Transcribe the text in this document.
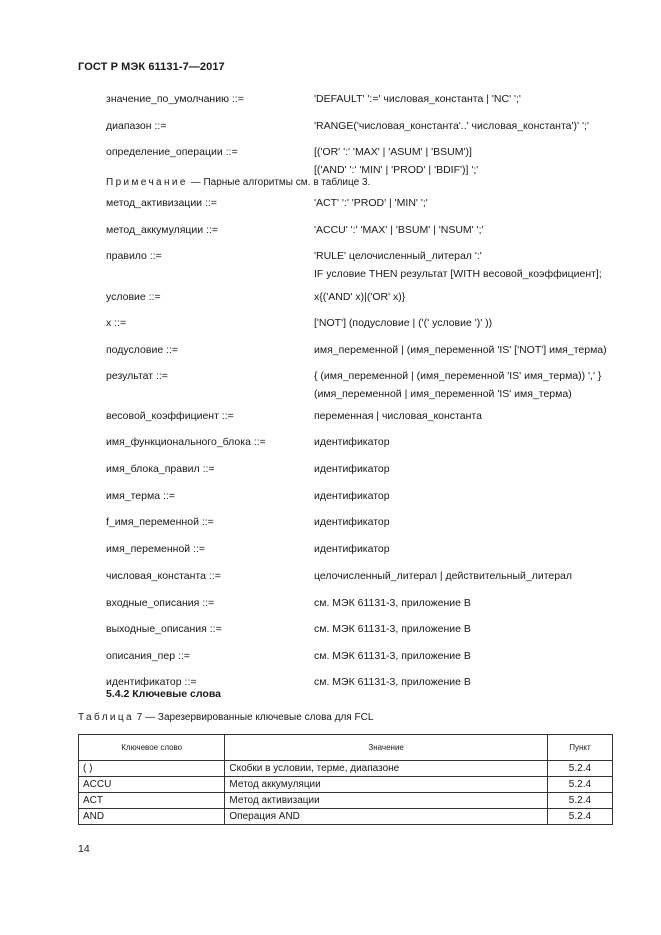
ГОСТ Р МЭК 61131-7—2017
значение_по_умолчанию ::=	'DEFAULT' ':=' числовая_константа | 'NC' ';'
диапазон ::=	'RANGE('числовая_константа'..' числовая_константа')' ';'
определение_операции ::=	[('OR' ':' 'MAX' | 'ASUM' | 'BSUM')]
[('AND' ':' 'MIN' | 'PROD' | 'BDIF')] ';'
Примечание — Парные алгоритмы см. в таблице 3.
метод_активизации ::=	'ACT' ':' 'PROD' | 'MIN' ';'
метод_аккумуляции ::=	'ACCU' ':' 'MAX' | 'BSUM' | 'NSUM' ';'
правило ::=	'RULE' целочисленный_литерал ':'
IF условие THEN результат [WITH весовой_коэффициент];
условие ::=	x{('AND' x)|('OR' x)}
x ::=	['NOT'] (подусловие | ('(' условие ')' ))
подусловие ::=	имя_переменной | (имя_переменной 'IS' ['NOT'] имя_терма)
результат ::=	{ (имя_переменной | (имя_переменной 'IS' имя_терма)) ',' }
(имя_переменной | имя_переменной 'IS' имя_терма)
весовой_коэффициент ::=	переменная | числовая_константа
имя_функционального_блока ::=	идентификатор
имя_блока_правил ::=	идентификатор
имя_терма ::=	идентификатор
f_имя_переменной ::=	идентификатор
имя_переменной ::=	идентификатор
числовая_константа ::=	целочисленный_литерал | действительный_литерал
входные_описания ::=	см. МЭК 61131-3, приложение В
выходные_описания ::=	см. МЭК 61131-3, приложение В
описания_пер ::=	см. МЭК 61131-3, приложение В
идентификатор ::=	см. МЭК 61131-3, приложение В
5.4.2 Ключевые слова
Таблица 7 — Зарезервированные ключевые слова для FCL
Ключевое слово	Значение	Пункт
( )	Скобки в условии, терме, диапазоне	5.2.4
ACCU	Метод аккумуляции	5.2.4
ACT	Метод активизации	5.2.4
AND	Операция AND	5.2.4
14
